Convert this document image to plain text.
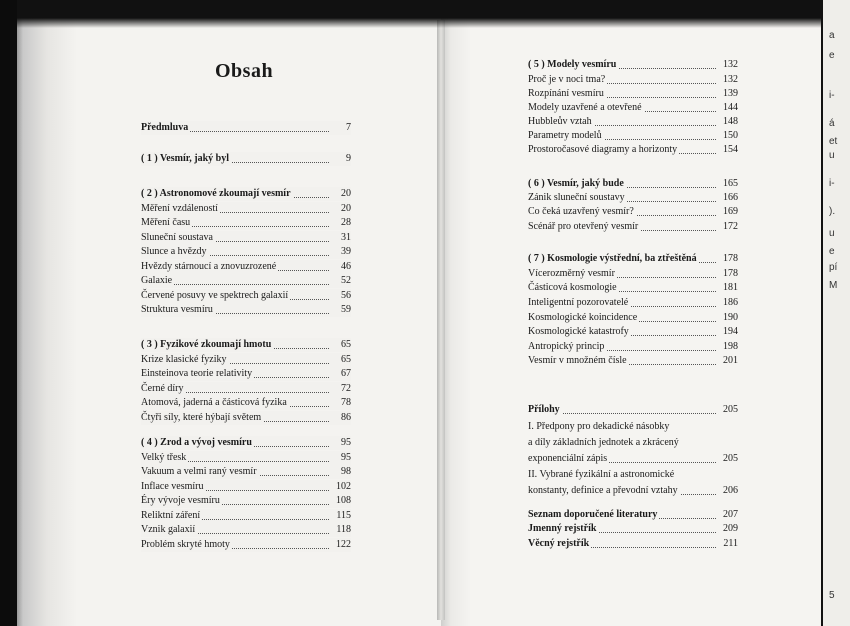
Obsah
Předmluva	7
( 1 ) Vesmír, jaký byl	9
( 2 ) Astronomové zkoumají vesmír	20
Měření vzdáleností	20
Měření času	28
Sluneční soustava	31
Slunce a hvězdy	39
Hvězdy stárnoucí a znovuzrozené	46
Galaxie	52
Červené posuvy ve spektrech galaxií	56
Struktura vesmíru	59
( 3 ) Fyzikové zkoumají hmotu	65
Krize klasické fyziky	65
Einsteinova teorie relativity	67
Černé díry	72
Atomová, jaderná a částicová fyzika	78
Čtyři síly, které hýbají světem	86
( 4 ) Zrod a vývoj vesmíru	95
Velký třesk	95
Vakuum a velmi raný vesmír	98
Inflace vesmíru	102
Éry vývoje vesmíru	108
Reliktní záření	115
Vznik galaxií	118
Problém skryté hmoty	122
( 5 ) Modely vesmíru	132
Proč je v noci tma?	132
Rozpínání vesmíru	139
Modely uzavřené a otevřené	144
Hubbleův vztah	148
Parametry modelů	150
Prostoročasové diagramy a horizonty	154
( 6 ) Vesmír, jaký bude	165
Zánik sluneční soustavy	166
Co čeká uzavřený vesmír?	169
Scénář pro otevřený vesmír	172
( 7 ) Kosmologie výstřední, ba ztřeštěná	178
Vícerozměrný vesmír	178
Částicová kosmologie	181
Inteligentní pozorovatelé	186
Kosmologické koincidence	190
Kosmologické katastrofy	194
Antropický princip	198
Vesmír v množném čísle	201
Přílohy	205
I. Předpony pro dekadické násobky
a díly základních jednotek a zkrácený
exponenciální zápis	205
II. Vybrané fyzikální a astronomické
konstanty, definice a převodní vztahy	206
Seznam doporučené literatury	207
Jmenný rejstřík	209
Věcný rejstřík	211
a
e
i-
á
et
u
i-
).
u
e
pí
M
5
